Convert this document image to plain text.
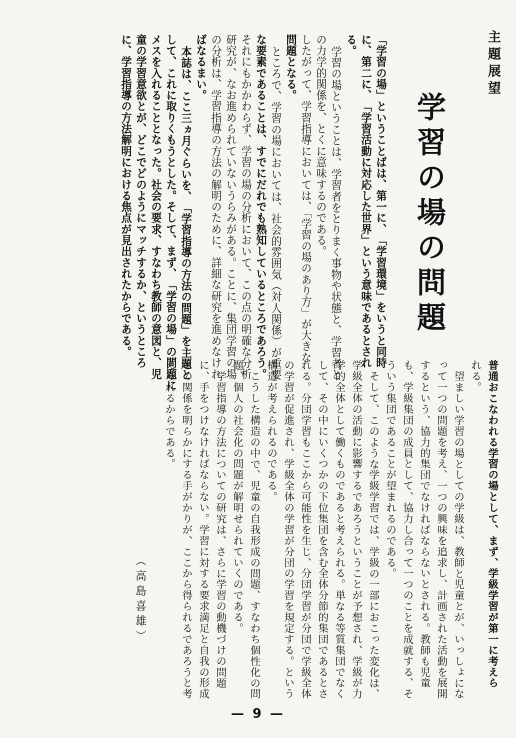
主題展望
学習の場の問題
「学習の場」ということばは、第一に、「学習環境」をいうと同時
に、第二に、「学習活動に対応した世界」という意味であるとされ
る。
学習の場ということは、学習者をとりまく事物や状態と、学習者と
の力学的関係を、とくに意味するのである。
したがって、学習指導においては、「学習の場のあり方」が大きな
問題となる。
ところで、学習の場においては、社会的雰囲気（対人関係）が重要
な要素であることは、すでにだれでも熟知しているところであろう。
それにもかかわらず、学習の場の分析において、この点の明確な分析
研究が、なお進められていないうらみがある。ことに、集団学習の場
の分析は、学習指導の方法の解明のために、詳細な研究を進めなけれ
ばなるまい。
本誌は、ここ三ヵ月ぐらいを、「学習指導の方法の問題」を主題と
して、これに取りくもうとした。そして、まず、「学習の場」の問題に
メスを入れることとなった。社会の要求、すなわち教師の意図と、児
童の学習意欲とが、どこでどのようにマッチするか、というところ
に、学習指導の方法解明における焦点が見出されたからである。
普通おこなわれる学習の場として、まず、学級学習が第一に考えら
れる。
望ましい学習の場としての学級は、教師と児童とが、いっしょにな
って一つの問題を考え、一つの興味を追求し、計画された活動を展開
するという、協力的集団でなければならないとされる。教師も児童
も、学級集団の成員として、協力し合って一つのことを成就する、そ
ういう集団であることが望まれるのである。
そして、このような学級学習では、学級の一部におこった変化は、
学級全体の活動に影響するであろうということが予想され、学級が力
学的全体として働くものであると考えられる。単なる等質集団でなく
して、その中にいくつかの下位集団を含む全体分節的集団であるとさ
れる。分団学習もここから可能性を生じ、分団学習が分団で学級全体
の学習が促進され、学級全体の学習が分団の学習を規定する。という
構造が考えられるのである。
こうした構造の中で、児童の自我形成の問題、すなわち個性化の問
題、個人の社会化の問題が解明せられていくのである。
学習指導の方法についての研究は、さらに学習の動機づけの問題
に、手をつけなければならない。学習に対する要求満足と自我の形成
との関係を明らかにする手がかりが、ここから得られるであろうと考
えられるからである。
（高島喜雄）
— 9 —
